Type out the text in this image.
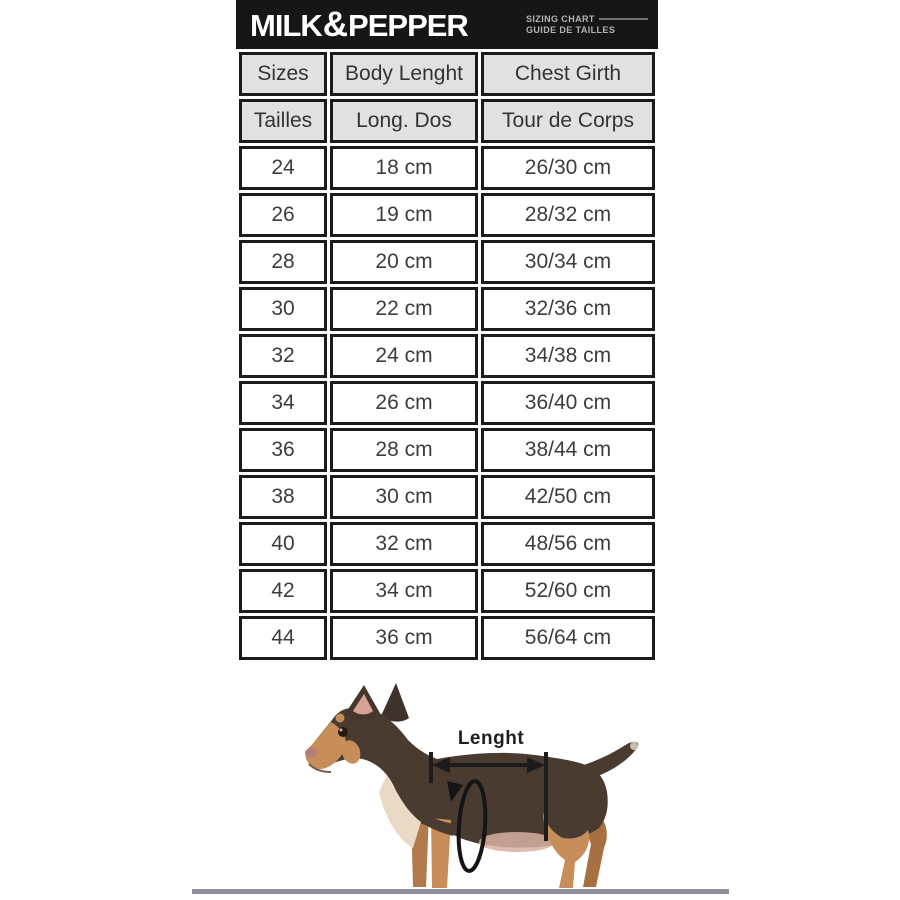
MILK&PEPPER	SIZING CHART
GUIDE DE TAILLES
Sizes	Body Lenght	Chest Girth
Tailles	Long. Dos	Tour de Corps
24	18 cm	26/30 cm
26	19 cm	28/32 cm
28	20 cm	30/34 cm
30	22 cm	32/36 cm
32	24 cm	34/38 cm
34	26 cm	36/40 cm
36	28 cm	38/44 cm
38	30 cm	42/50 cm
40	32 cm	48/56 cm
42	34 cm	52/60 cm
44	36 cm	56/64 cm
Lenght
